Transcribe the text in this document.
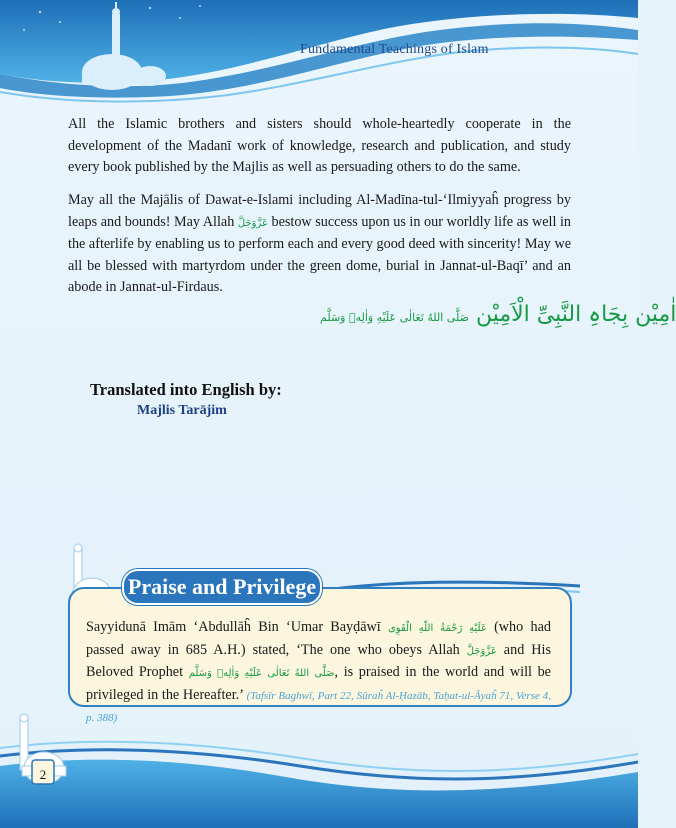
Fundamental Teachings of Islam

All the Islamic brothers and sisters should whole-heartedly cooperate in the development of the Madanī work of knowledge, research and publication, and study every book published by the Majlis as well as persuading others to do the same.

May all the Majālis of Dawat-e-Islami including Al-Madīna-tul-‘Ilmiyyaĥ progress by leaps and bounds! May Allah عَزَّوَجَلَّ bestow success upon us in our worldly life as well in the afterlife by enabling us to perform each and every good deed with sincerity! May we all be blessed with martyrdom under the green dome, burial in Jannat-ul-Baqī’ and an abode in Jannat-ul-Firdaus.

اٰمِیْن بِجَاہِ النَّبِیِّ الْاَمِیْن صَلَّی اللهُ تَعَالٰی عَلَیْهِ وَاٰلِهٖ وَسَلَّم
Translated into English by:
Majlis Tarājim
Praise and Privilege

Sayyidunā Imām ‘Abdullāĥ Bin ‘Umar Bayḍāwī عَلَیْهِ رَحْمَةُ اللّٰهِ الْقَوِی (who had passed away in 685 A.H.) stated, ‘The one who obeys Allah عَزَّوَجَلَّ and His Beloved Prophet صَلَّی اللهُ تَعَالٰی عَلَیْهِ وَاٰلِهٖ وَسَلَّم, is praised in the world and will be privileged in the Hereafter.’ (Tafsīr Baghwī, Part 22, Sūraĥ Al-Ḥazāb, Taḥat-ul-Āyaĥ 71, Verse 4, p. 388)

2
